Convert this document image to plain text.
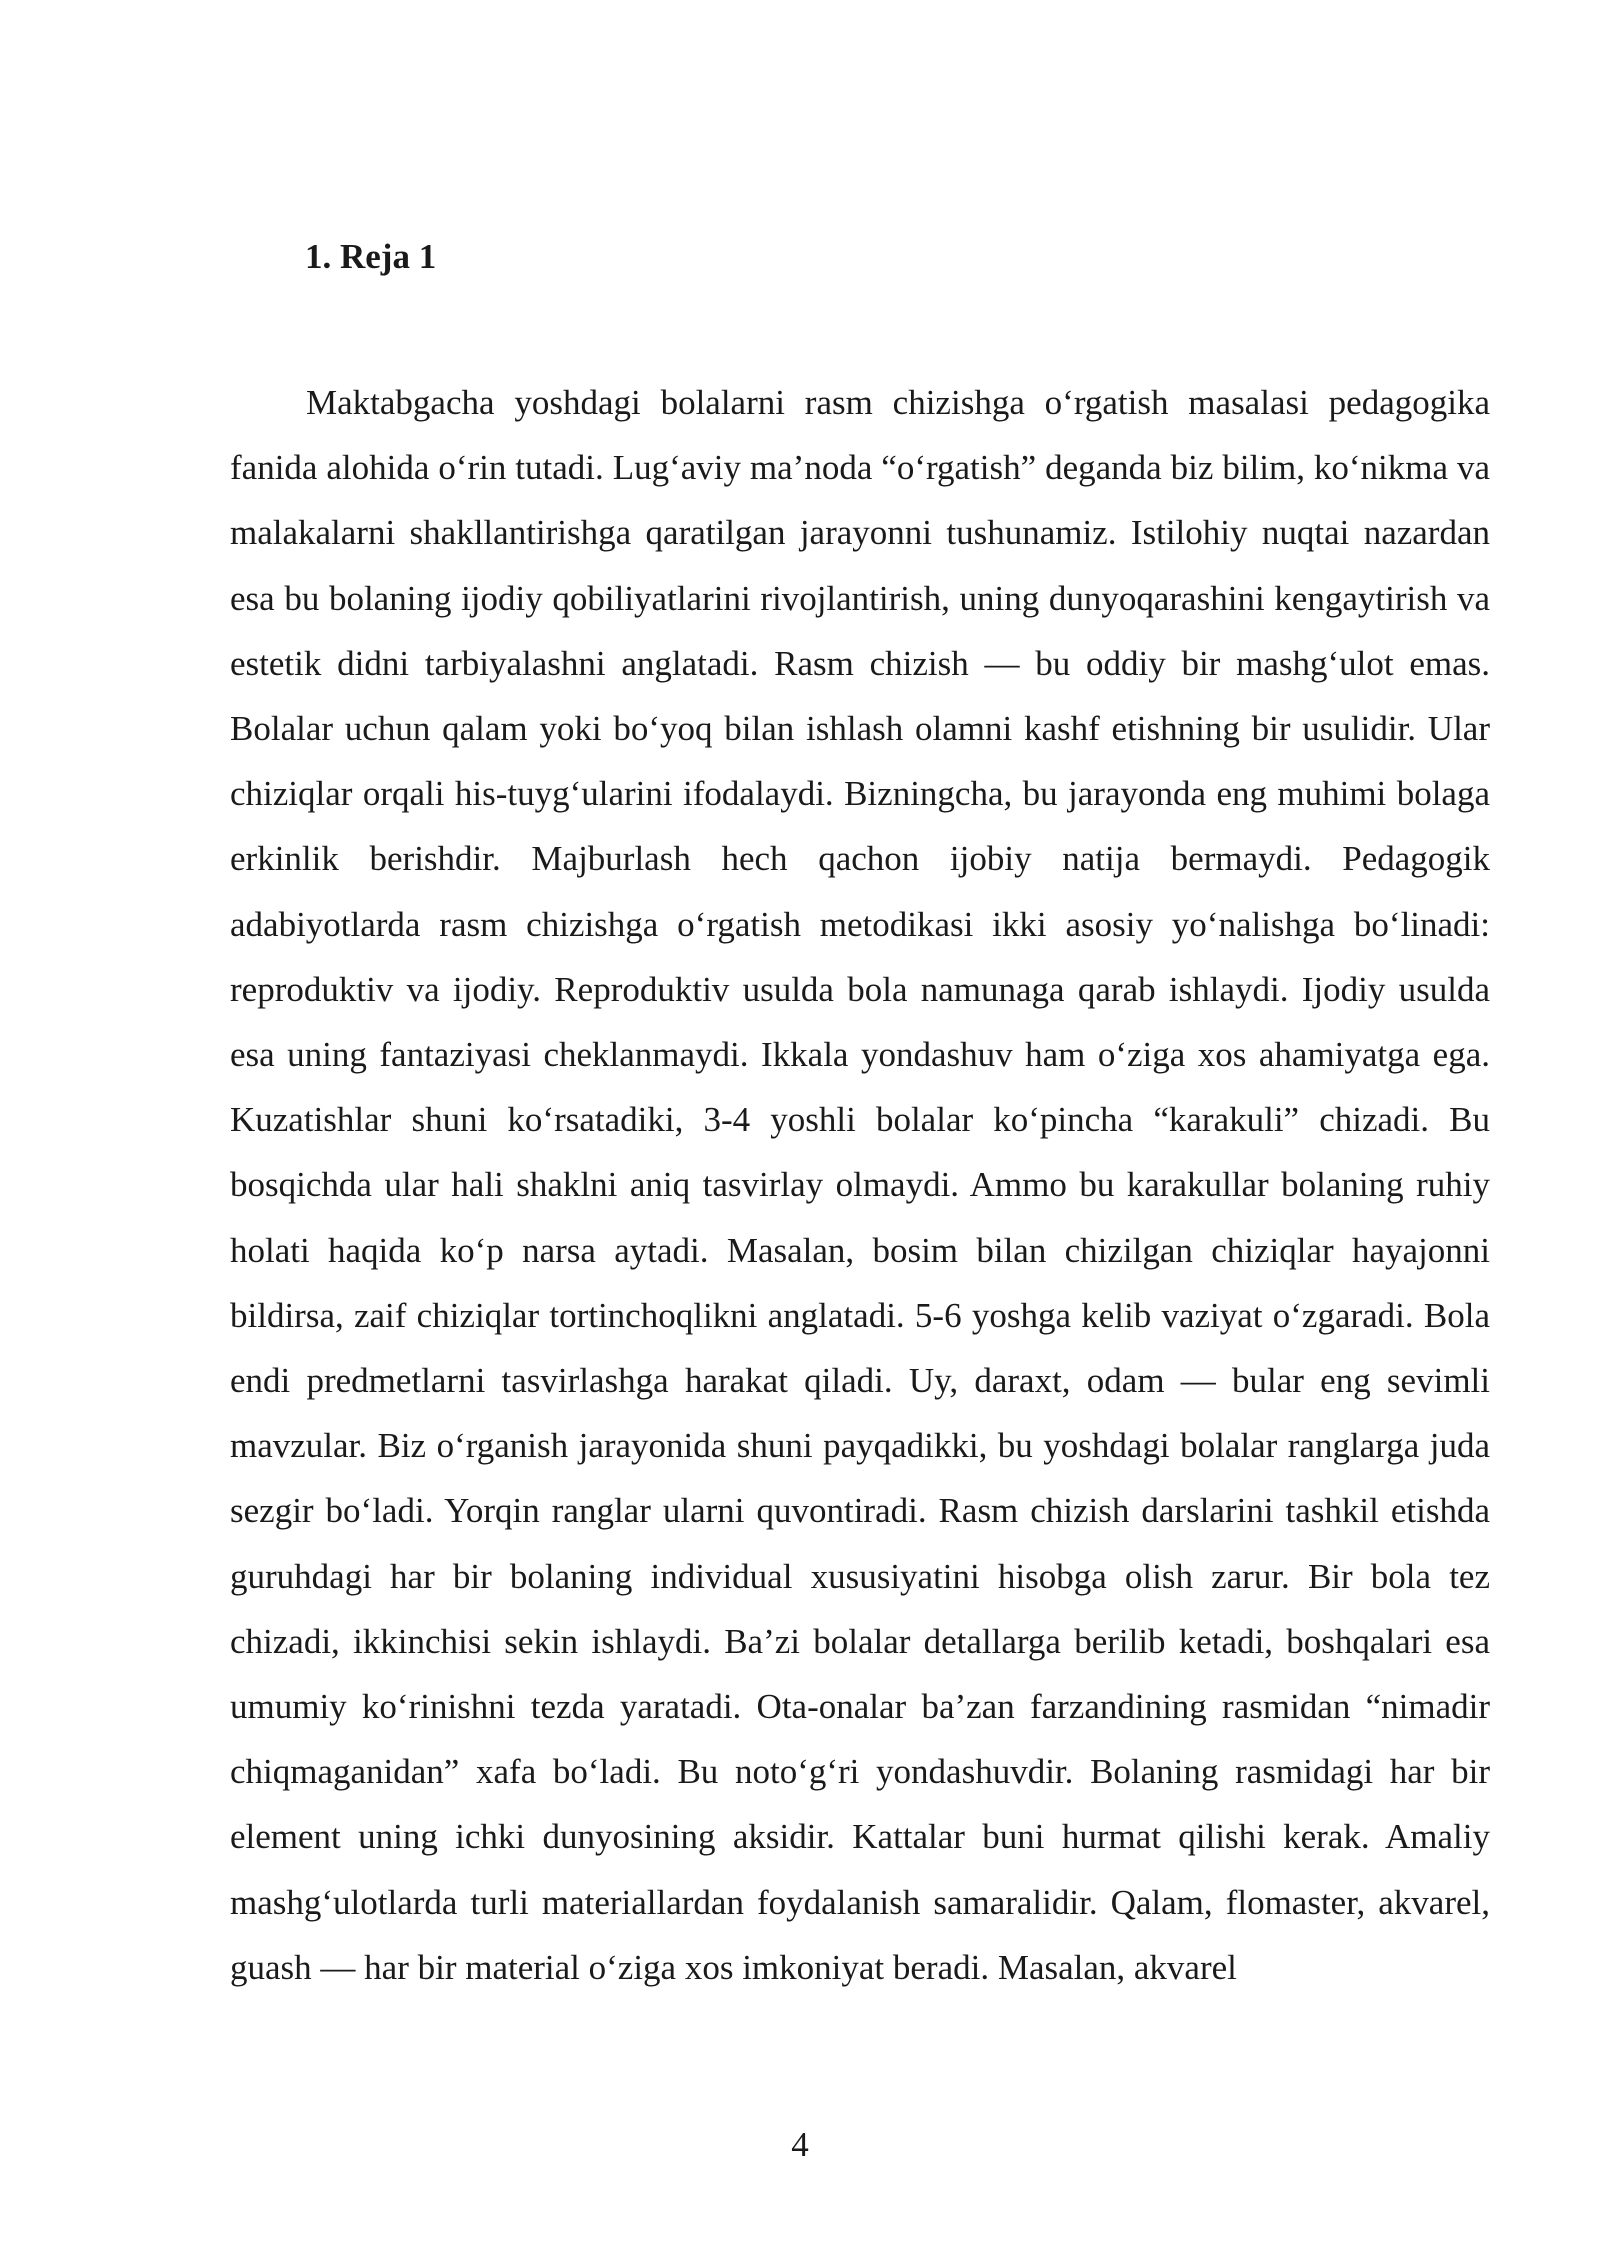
1. Reja 1

Maktabgacha yoshdagi bolalarni rasm chizishga o‘rgatish masalasi pedagogika fanida alohida o‘rin tutadi. Lug‘aviy ma’noda “o‘rgatish” deganda biz bilim, ko‘nikma va malakalarni shakllantirishga qaratilgan jarayonni tushunamiz. Istilohiy nuqtai nazardan esa bu bolaning ijodiy qobiliyatlarini rivojlantirish, uning dunyoqarashini kengaytirish va estetik didni tarbiyalashni anglatadi. Rasm chizish — bu oddiy bir mashg‘ulot emas. Bolalar uchun qalam yoki bo‘yoq bilan ishlash olamni kashf etishning bir usulidir. Ular chiziqlar orqali his-tuyg‘ularini ifodalaydi. Bizningcha, bu jarayonda eng muhimi bolaga erkinlik berishdir. Majburlash hech qachon ijobiy natija bermaydi. Pedagogik adabiyotlarda rasm chizishga o‘rgatish metodikasi ikki asosiy yo‘nalishga bo‘linadi: reproduktiv va ijodiy. Reproduktiv usulda bola namunaga qarab ishlaydi. Ijodiy usulda esa uning fantaziyasi cheklanmaydi. Ikkala yondashuv ham o‘ziga xos ahamiyatga ega. Kuzatishlar shuni ko‘rsatadiki, 3-4 yoshli bolalar ko‘pincha “karakuli” chizadi. Bu bosqichda ular hali shaklni aniq tasvirlay olmaydi. Ammo bu karakullar bolaning ruhiy holati haqida ko‘p narsa aytadi. Masalan, bosim bilan chizilgan chiziqlar hayajonni bildirsa, zaif chiziqlar tortinchoqlikni anglatadi. 5-6 yoshga kelib vaziyat o‘zgaradi. Bola endi predmetlarni tasvirlashga harakat qiladi. Uy, daraxt, odam — bular eng sevimli mavzular. Biz o‘rganish jarayonida shuni payqadikki, bu yoshdagi bolalar ranglarga juda sezgir bo‘ladi. Yorqin ranglar ularni quvontiradi. Rasm chizish darslarini tashkil etishda guruhdagi har bir bolaning individual xususiyatini hisobga olish zarur. Bir bola tez chizadi, ikkinchisi sekin ishlaydi. Ba’zi bolalar detallarga berilib ketadi, boshqalari esa umumiy ko‘rinishni tezda yaratadi. Ota-onalar ba’zan farzandining rasmidan “nimadir chiqmaganidan” xafa bo‘ladi. Bu noto‘g‘ri yondashuvdir. Bolaning rasmidagi har bir element uning ichki dunyosining aksidir. Kattalar buni hurmat qilishi kerak. Amaliy mashg‘ulotlarda turli materiallardan foydalanish samaralidir. Qalam, flomaster, akvarel, guash — har bir material o‘ziga xos imkoniyat beradi. Masalan, akvarel

4
